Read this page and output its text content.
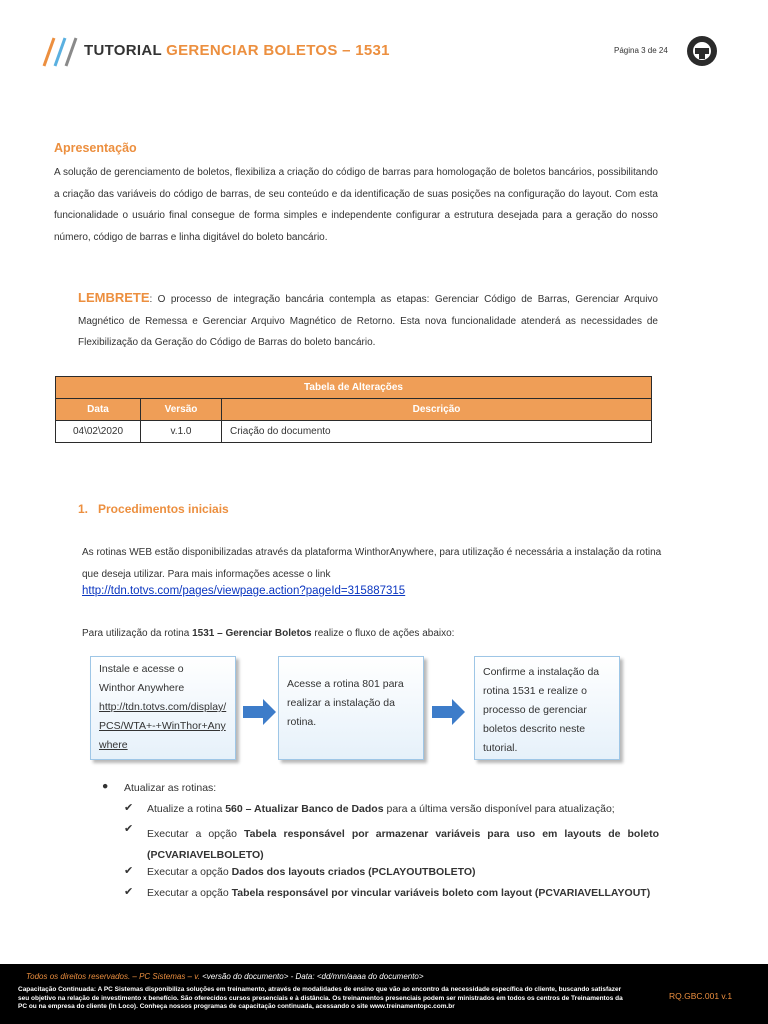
TUTORIAL GERENCIAR BOLETOS – 1531	Página 3 de 24
Apresentação
A solução de gerenciamento de boletos, flexibiliza a criação do código de barras para homologação de boletos bancários, possibilitando a criação das variáveis do código de barras, de seu conteúdo e da identificação de suas posições na configuração do layout. Com esta funcionalidade o usuário final consegue de forma simples e independente configurar a estrutura desejada para a geração do nosso número, código de barras e linha digitável do boleto bancário.
LEMBRETE: O processo de integração bancária contempla as etapas: Gerenciar Código de Barras, Gerenciar Arquivo Magnético de Remessa e Gerenciar Arquivo Magnético de Retorno. Esta nova funcionalidade atenderá as necessidades de Flexibilização da Geração do Código de Barras do boleto bancário.
Tabela de Alterações		
Data	Versão	Descrição
04\02\2020	v.1.0	Criação do documento
1.   Procedimentos iniciais
As rotinas WEB estão disponibilizadas através da plataforma WinthorAnywhere, para utilização é necessária a instalação da rotina que deseja utilizar. Para mais informações acesse o link
http://tdn.totvs.com/pages/viewpage.action?pageId=315887315
Para utilização da rotina 1531 – Gerenciar Boletos realize o fluxo de ações abaixo:
Instale e acesse o
Winthor Anywhere
http://tdn.totvs.com/display/PCS/WTA+-+WinThor+Anywhere
Acesse a rotina 801 para realizar a instalação da rotina.
Confirme a instalação da rotina 1531 e realize o processo de gerenciar boletos descrito neste tutorial.
● Atualizar as rotinas:
✔ Atualize a rotina 560 – Atualizar Banco de Dados para a última versão disponível para atualização;
✔ Executar a opção Tabela responsável por armazenar variáveis para uso em layouts de boleto (PCVARIAVELBOLETO)
✔ Executar a opção Dados dos layouts criados (PCLAYOUTBOLETO)
✔ Executar a opção Tabela responsável por vincular variáveis boleto com layout (PCVARIAVELLAYOUT)
Todos os direitos reservados. – PC Sistemas – v. <versão do documento> - Data: <dd/mm/aaaa do documento>
Capacitação Continuada: A PC Sistemas disponibiliza soluções em treinamento, através de modalidades de ensino que vão ao encontro da necessidade específica do cliente, buscando satisfazer seu objetivo na relação de investimento x benefício. São oferecidos cursos presenciais e à distância. Os treinamentos presenciais podem ser ministrados em todos os centros de Treinamentos da PC ou na empresa do cliente (In Loco). Conheça nossos programas de capacitação continuada, acessando o site www.treinamentopc.com.br
RQ.GBC.001 v.1
